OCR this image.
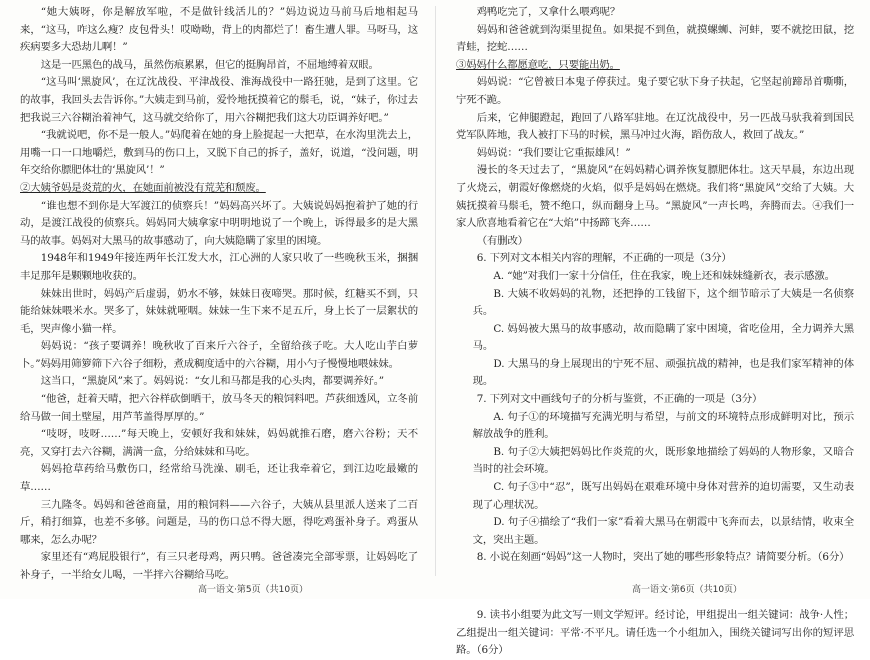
“她大姨呀，你是解放军啦，不是做针线活儿的？”妈边说边马前马后地相起马来，“这马，咋这么瘦？皮包骨头！哎呦呦，背上的肉都烂了！畜生遭人罪。马呀马，这疾病要多大恐劫儿啊！”

这是一匹黑色的战马，虽然伤痕累累，但它的挺胸昂首，不屈地缚着双眼。

“这马叫‘黑旋风’，在辽沈战役、平津战役、淮海战役中一路狂驰，是到了这里。它的故事，我回头去告诉你。”大姨走到马前，爱怜地抚摸着它的鬃毛，说，“妹子，你过去把我说三六谷糊治着神气，这马就交给你了，用六谷糊把我们这大功臣调养好吧。”

“我就说吧，你不是一般人。”妈爬着在她的身上脸捉起一大把草，在水沟里洗去上，用嘴一口一口地嚼烂，敷到马的伤口上，又脱下自己的拆子，盖好，说道，“没问题，明年交给你膘肥体壮的‘黑旋风’！”

②大姨爷妈是炎荒的火，在她面前被没有荒芜和颓废。

“谁也想不到你是大军渡江的侦察兵！”妈妈高兴坏了。大姨说妈妈抱着护了她的行动，是渡江战役的侦察兵。妈妈同大姨拿家中明明地说了一个晚上，诉得最多的是大黑马的故事。妈妈对大黑马的故事感动了，向大姨隐瞒了家里的困境。

1948年和1949年接连两年长江发大水，江心洲的人家只收了一些晚秋玉米，捆捆丰足那年是颗颗地收获的。

妹妹出世时，妈妈产后虚弱，奶水不够，妹妹日夜啼哭。那时候，红糖买不到，只能给妹妹喂米水。哭多了，妹妹就哑咽。妹妹一生下来不足五斤，身上长了一层絮状的毛，哭声像小猫一样。

妈妈说：“孩子要调养！晚秋收了百来斤六谷子，全留给孩子吃。大人吃山芋白萝卜。”妈妈用筛箩筛下六谷子细粉，煮成稠度适中的六谷糊，用小勺子慢慢地喂妹妹。

这当口，“黑旋风”来了。妈妈说：“女儿和马都是我的心头肉，都要调养好。”

“他爸，赶着天晴，把六谷样砍倒晒干，放马冬天的粮饲料吧。芦荻细透风，立冬前给马做一间土壁屋，用芦苇盖得厚厚的。”

“吱呀，吱呀……”每天晚上，安顿好我和妹妹，妈妈就推石磨，磨六谷粉；天不亮，又穿打去六谷糊，满满一盒，分给妹妹和马吃。

妈妈抢草药给马敷伤口，经常给马洗澡、刷毛，还让我牵着它，到江边吃最嫩的草……

三九隆冬。妈妈和爸爸商量，用的粮饲料——六谷子，大姨从县里派人送来了二百斤，稍打细算，也差不多够。问题是，马的伤口总不得大愿，得吃鸡蛋补身子。鸡蛋从哪来，怎么办呢？

家里还有“鸡屁股银行”，有三只老母鸡，两只鸭。爸爸凑完全部零票，让妈妈吃了补身子，一半给女儿喝，一半拌六谷糊给马吃。

鸡鸭吃完了，又拿什么喂鸡呢？

妈妈和爸爸就到沟渠里捉鱼。如果捉不到鱼，就摸螺蛳、河蚌，要不就挖田鼠，挖青蛙，挖蛇……

③妈妈什么都愿意吃，只要能出奶。

妈妈说：“它曾被日本鬼子停获过。鬼子要它驮下身子扶起，它坚起前蹄昂首嘶嘶，宁死不跪。

后来，它伸腿蹬起，跑回了八路军驻地。在辽沈战役中，另一匹战马驮我着到国民党军队阵地，我人被打下马的时候，黑马冲过火海，蹈伤敌人，救回了战友。”

妈妈说：“我们要让它重振雄风！”

漫长的冬天过去了，“黑旋风”在妈妈精心调养恢复膘肥体壮。这天早晨，东边出现了火烧云，朝霞好像燃烧的火焰，似乎是妈妈在燃烧。我们将“黑旋风”交给了大姨。大姨抚摸着马鬃毛，赞不绝口，纵而翻身上马。“黑旋风”一声长鸣，奔腾而去。④我们一家人欣喜地看着它在“大焰”中扬蹄飞奔……

（有删改）

6. 下列对文本相关内容的理解，不正确的一项是（3分）

A. “她”对我们一家十分信任，住在我家，晚上还和妹妹缝新衣，表示感激。

B. 大姨不收妈妈的礼物，还把挣的工钱留下，这个细节暗示了大姨是一名侦察兵。

C. 妈妈被大黑马的故事感动，故而隐瞒了家中困境，省吃俭用，全力调养大黑马。

D. 大黑马的身上展现出的宁死不屈、顽强抗战的精神，也是我们家军精神的体现。

7. 下列对文中画线句子的分析与鉴赏，不正确的一项是（3分）

A. 句子①的环境描写充满光明与希望，与前文的环境特点形成鲜明对比，预示解放战争的胜利。

B. 句子②大姨把妈妈比作炎荒的火，既形象地描绘了妈妈的人物形象，又暗合当时的社会环境。

C. 句子③中“忍”，既写出妈妈在艰难环境中身体对营养的迫切需要，又生动表现了心理状况。

D. 句子④描绘了“我们一家”看着大黑马在朝霞中飞奔而去，以景结情，收束全文，突出主题。

8. 小说在刻画“妈妈”这一人物时，突出了她的哪些形象特点？请简要分析。（6分）

9. 读书小组要为此文写一则文学短评。经讨论，甲组提出一组关键词：战争·人性；乙组提出一组关键词：平常·不平凡。请任选一个小组加入，围绕关键词写出你的短评思路。（6分）

高一语文·第5页（共10页）	高一语文·第6页（共10页）
